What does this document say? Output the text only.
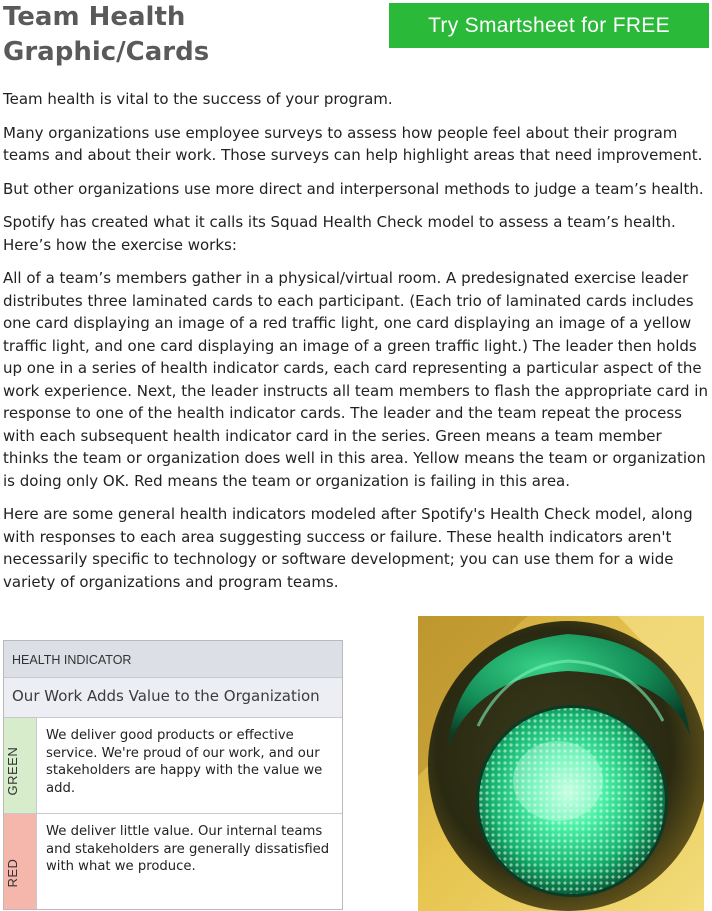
Team Health
Graphic/Cards
Try Smartsheet for FREE

Team health is vital to the success of your program.

Many organizations use employee surveys to assess how people feel about their program teams and about their work. Those surveys can help highlight areas that need improvement.

But other organizations use more direct and interpersonal methods to judge a team’s health.

Spotify has created what it calls its Squad Health Check model to assess a team’s health. Here’s how the exercise works:

All of a team’s members gather in a physical/virtual room. A predesignated exercise leader distributes three laminated cards to each participant. (Each trio of laminated cards includes one card displaying an image of a red traffic light, one card displaying an image of a yellow traffic light, and one card displaying an image of a green traffic light.) The leader then holds up one in a series of health indicator cards, each card representing a particular aspect of the work experience. Next, the leader instructs all team members to flash the appropriate card in response to one of the health indicator cards. The leader and the team repeat the process with each subsequent health indicator card in the series. Green means a team member thinks the team or organization does well in this area. Yellow means the team or organization is doing only OK. Red means the team or organization is failing in this area.

Here are some general health indicators modeled after Spotify's Health Check model, along with responses to each area suggesting success or failure. These health indicators aren't necessarily specific to technology or software development; you can use them for a wide variety of organizations and program teams.

HEALTH INDICATOR
Our Work Adds Value to the Organization
GREEN
We deliver good products or effective service. We're proud of our work, and our stakeholders are happy with the value we add.
RED
We deliver little value. Our internal teams and stakeholders are generally dissatisfied with what we produce.
